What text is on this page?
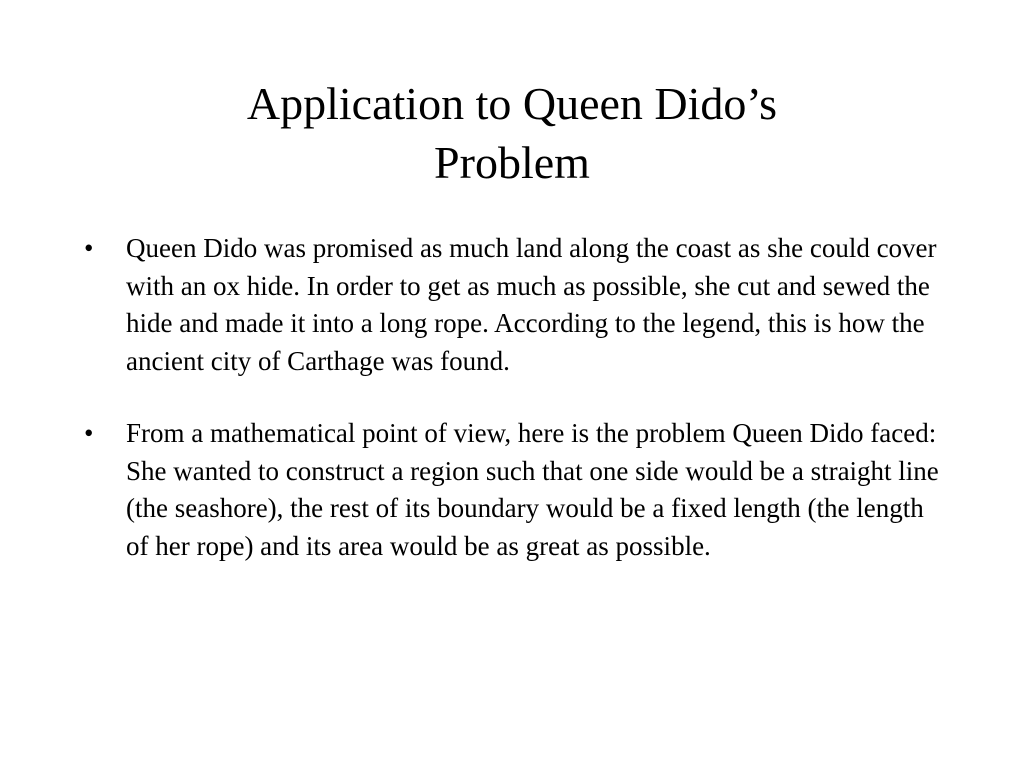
Application to Queen Dido’s
Problem
•	Queen Dido was promised as much land along the coast as she could cover with an ox hide. In order to get as much as possible, she cut and sewed the hide and made it into a long rope. According to the legend, this is how the ancient city of Carthage was found.
•	From a mathematical point of view, here is the problem Queen Dido faced: She wanted to construct a region such that one side would be a straight line (the seashore), the rest of its boundary would be a fixed length (the length of her rope) and its area would be as great as possible.
